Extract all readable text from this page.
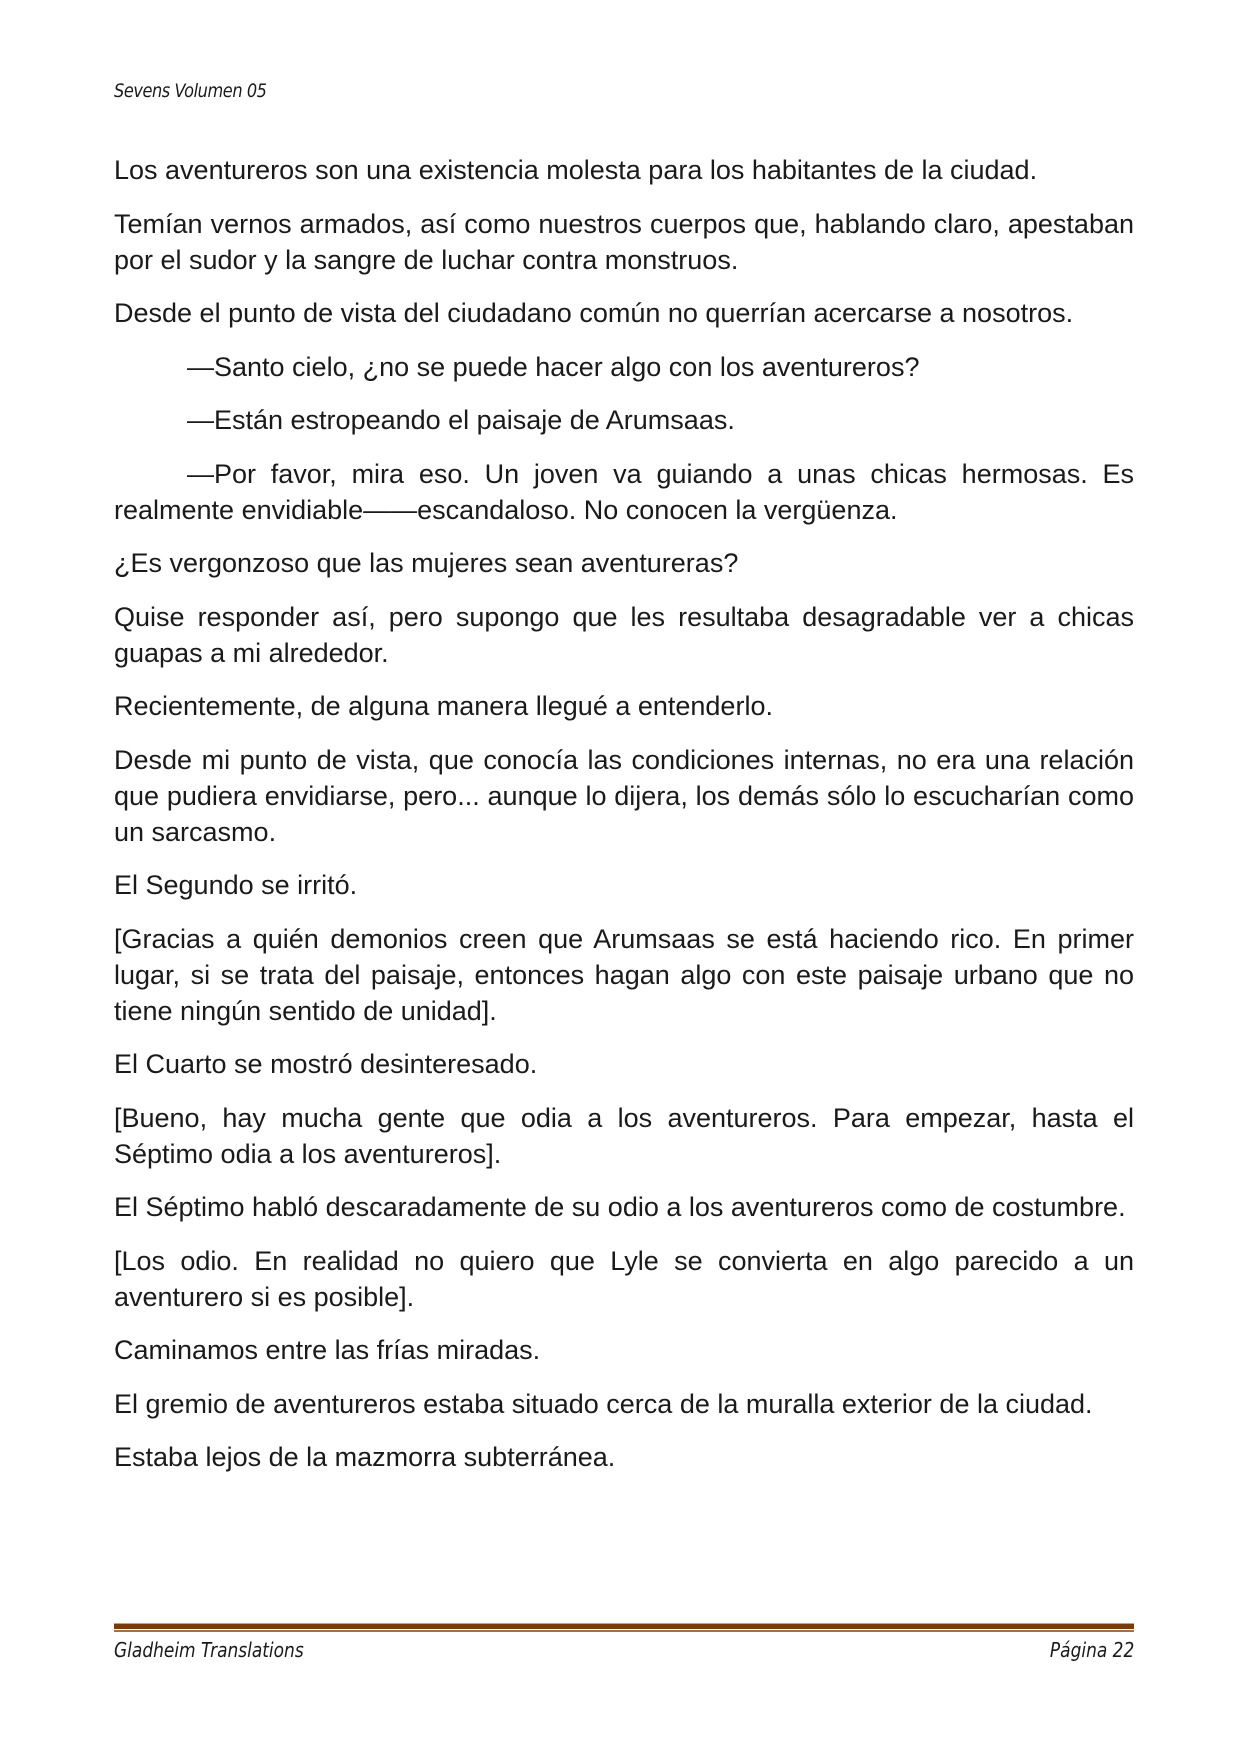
Sevens Volumen 05

Los aventureros son una existencia molesta para los habitantes de la ciudad.

Temían vernos armados, así como nuestros cuerpos que, hablando claro, apestaban por el sudor y la sangre de luchar contra monstruos.

Desde el punto de vista del ciudadano común no querrían acercarse a nosotros.

—Santo cielo, ¿no se puede hacer algo con los aventureros?

—Están estropeando el paisaje de Arumsaas.

—Por favor, mira eso. Un joven va guiando a unas chicas hermosas. Es realmente envidiable——escandaloso. No conocen la vergüenza.

¿Es vergonzoso que las mujeres sean aventureras?

Quise responder así, pero supongo que les resultaba desagradable ver a chicas guapas a mi alrededor.

Recientemente, de alguna manera llegué a entenderlo.

Desde mi punto de vista, que conocía las condiciones internas, no era una relación que pudiera envidiarse, pero... aunque lo dijera, los demás sólo lo escucharían como un sarcasmo.

El Segundo se irritó.

[Gracias a quién demonios creen que Arumsaas se está haciendo rico. En primer lugar, si se trata del paisaje, entonces hagan algo con este paisaje urbano que no tiene ningún sentido de unidad].

El Cuarto se mostró desinteresado.

[Bueno, hay mucha gente que odia a los aventureros. Para empezar, hasta el Séptimo odia a los aventureros].

El Séptimo habló descaradamente de su odio a los aventureros como de costumbre.

[Los odio. En realidad no quiero que Lyle se convierta en algo parecido a un aventurero si es posible].

Caminamos entre las frías miradas.

El gremio de aventureros estaba situado cerca de la muralla exterior de la ciudad.

Estaba lejos de la mazmorra subterránea.

Gladheim Translations	Página 22
